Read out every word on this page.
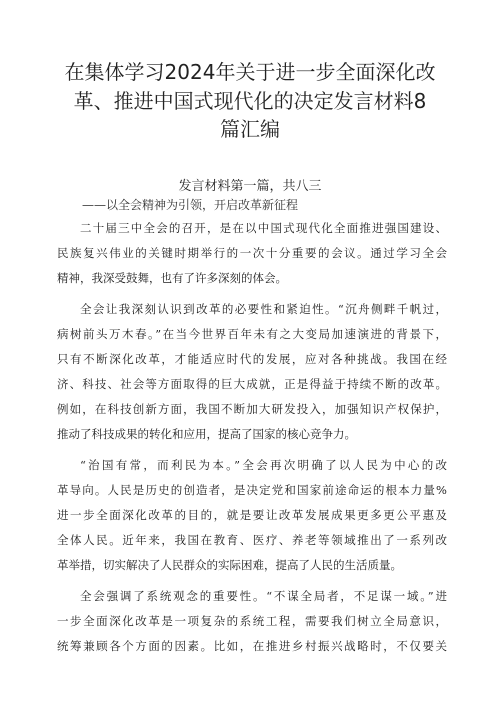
在集体学习2024年关于进一步全面深化改
革、推进中国式现代化的决定发言材料8
篇汇编
发言材料第一篇，共八三
——以全会精神为引领，开启改革新征程
二十届三中全会的召开，是在以中国式现代化全面推进强国建设、
民族复兴伟业的关键时期举行的一次十分重要的会议。通过学习全会
精神，我深受鼓舞，也有了许多深刻的体会。
全会让我深刻认识到改革的必要性和紧迫性。“沉舟侧畔千帆过，
病树前头万木春。”在当今世界百年未有之大变局加速演进的背景下，
只有不断深化改革，才能适应时代的发展，应对各种挑战。我国在经
济、科技、社会等方面取得的巨大成就，正是得益于持续不断的改革。
例如，在科技创新方面，我国不断加大研发投入，加强知识产权保护，
推动了科技成果的转化和应用，提高了国家的核心竞争力。
“治国有常，而利民为本。”全会再次明确了以人民为中心的改
革导向。人民是历史的创造者，是决定党和国家前途命运的根本力量%
进一步全面深化改革的目的，就是要让改革发展成果更多更公平惠及
全体人民。近年来，我国在教育、医疗、养老等领域推出了一系列改
革举措，切实解决了人民群众的实际困难，提高了人民的生活质量。
全会强调了系统观念的重要性。“不谋全局者，不足谋一域。”进
一步全面深化改革是一项复杂的系统工程，需要我们树立全局意识，
统筹兼顾各个方面的因素。比如，在推进乡村振兴战略时，不仅要关
